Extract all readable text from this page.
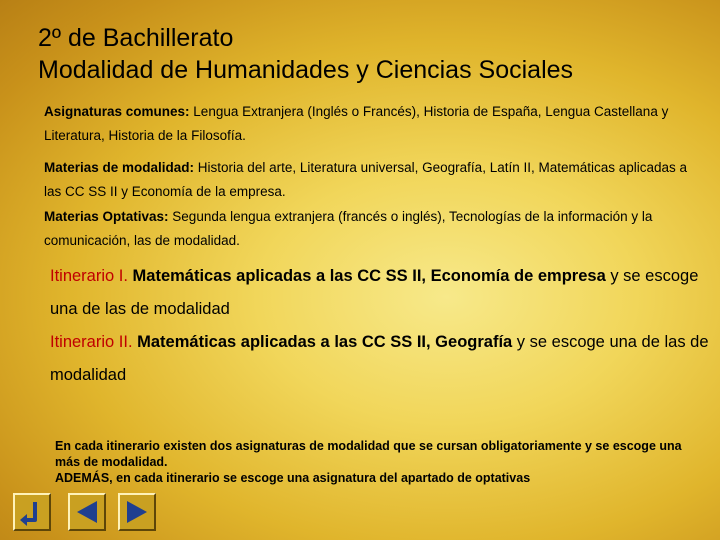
2º de Bachillerato
Modalidad de Humanidades y Ciencias Sociales
Asignaturas comunes: Lengua Extranjera (Inglés o Francés), Historia de España, Lengua Castellana y Literatura, Historia de la Filosofía.
Materias de modalidad: Historia del arte, Literatura universal, Geografía, Latín II, Matemáticas aplicadas a las CC SS II y Economía de la empresa.
Materias Optativas: Segunda lengua extranjera (francés o inglés), Tecnologías de la información y la comunicación, las de modalidad.
Itinerario I. Matemáticas aplicadas a las CC SS II, Economía de empresa y se escoge una de las de modalidad
Itinerario II. Matemáticas aplicadas a las CC SS II, Geografía y se escoge una de las de modalidad
En cada itinerario existen dos asignaturas de modalidad que se cursan obligatoriamente y se escoge una más de modalidad.
ADEMÁS, en cada itinerario se escoge una asignatura del apartado de optativas
